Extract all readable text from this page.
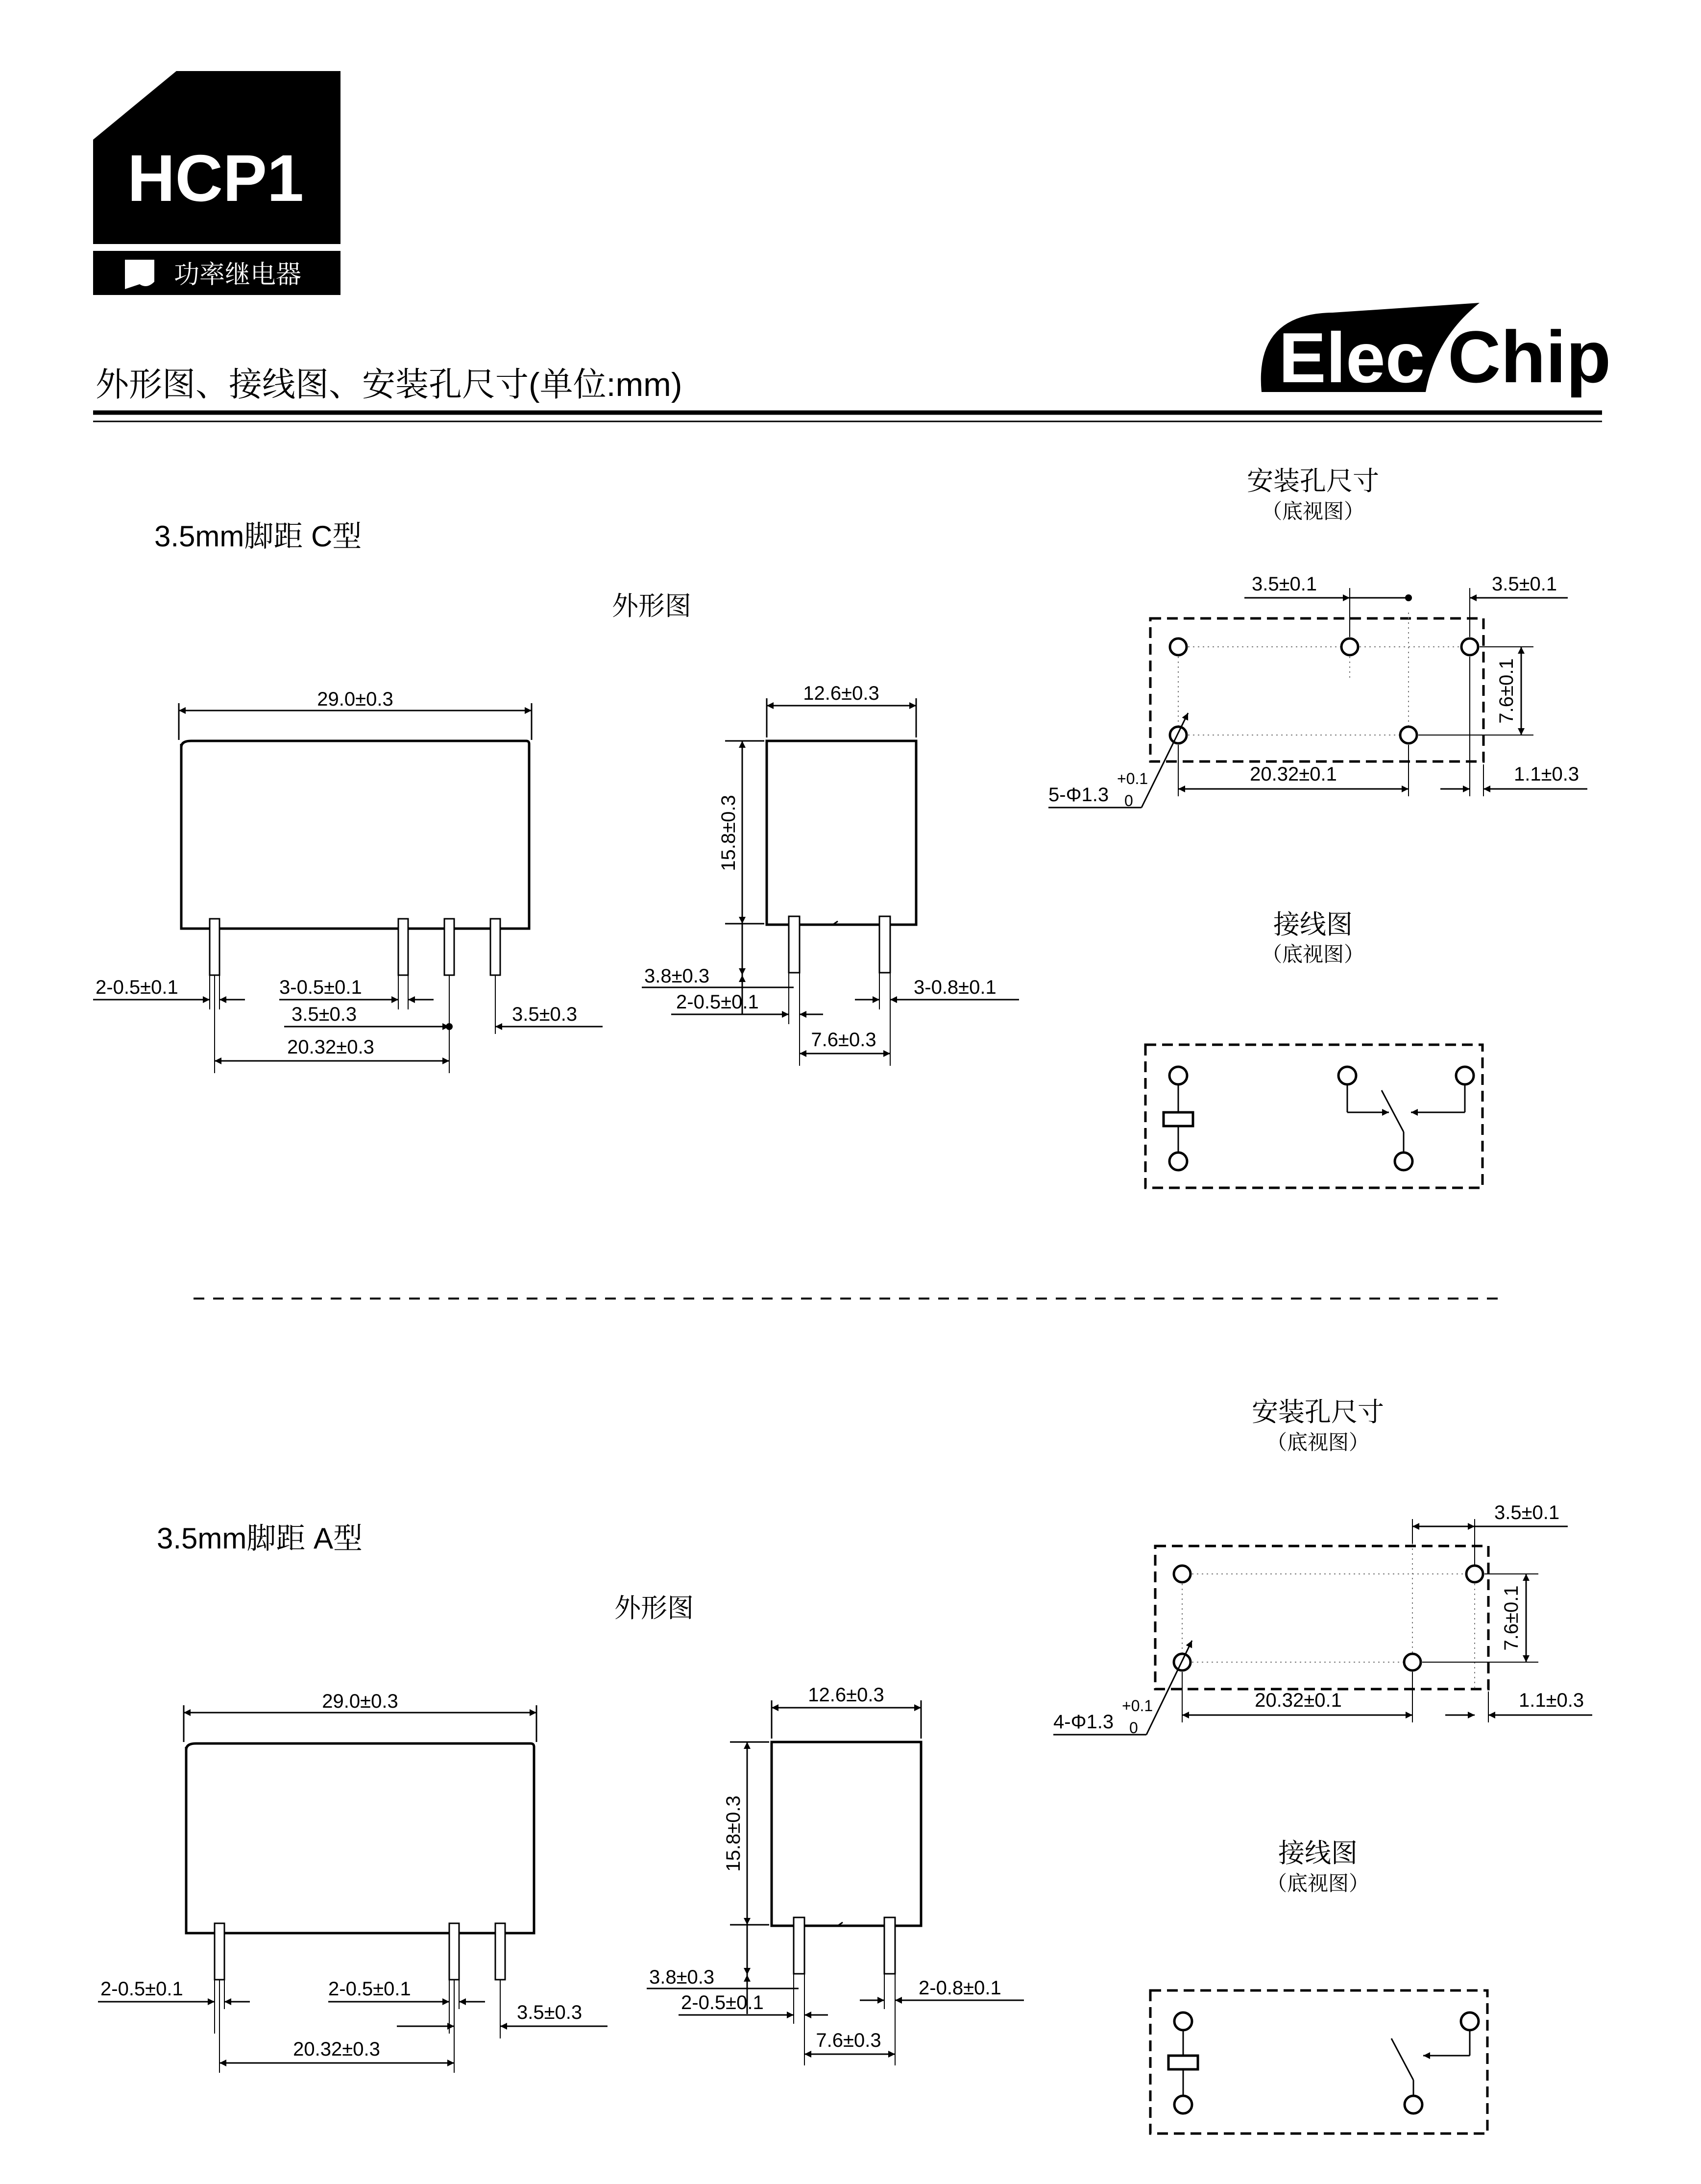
HCP1
功率继电器
Elec Chip
外形图、接线图、安装孔尺寸(单位:mm)
3.5mm脚距 C型
外形图
29.0±0.3
2-0.5±0.1	3-0.5±0.1
3.5±0.3	3.5±0.3
20.32±0.3
12.6±0.3
15.8±0.3
3.8±0.3
2-0.5±0.1
3-0.8±0.1
7.6±0.3
安装孔尺寸
（底视图）
3.5±0.1	3.5±0.1
7.6±0.1
20.32±0.1	1.1±0.3
5-Φ1.3
+0.1
0
接线图
（底视图）
3.5mm脚距 A型
外形图
29.0±0.3
2-0.5±0.1	2-0.5±0.1
3.5±0.3
20.32±0.3
12.6±0.3
15.8±0.3
3.8±0.3
2-0.5±0.1
2-0.8±0.1
7.6±0.3
安装孔尺寸
（底视图）
3.5±0.1
7.6±0.1
20.32±0.1	1.1±0.3
4-Φ1.3
+0.1
0
接线图
（底视图）
